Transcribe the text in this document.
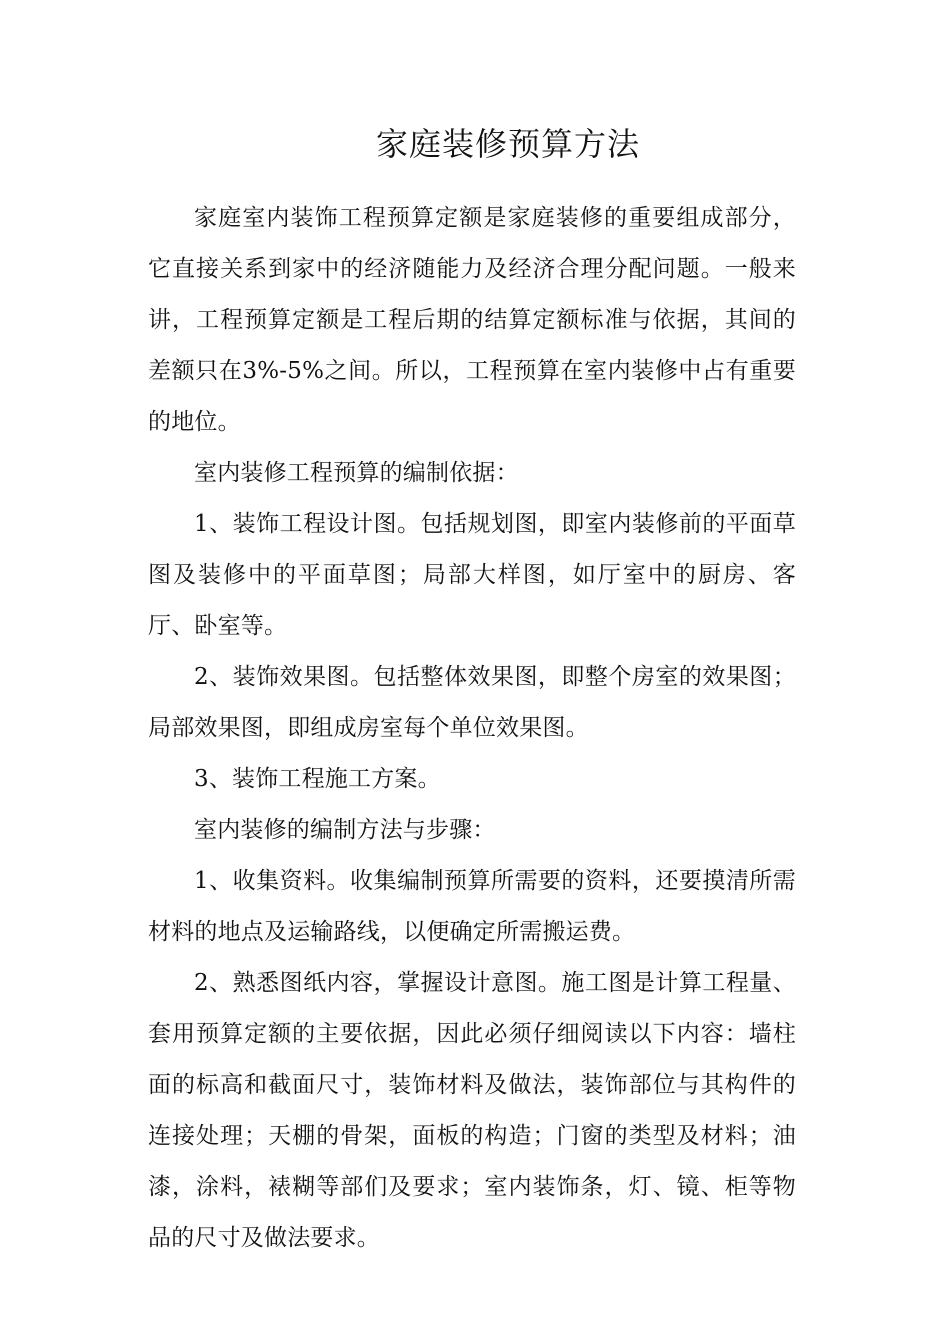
家庭装修预算方法

家庭室内装饰工程预算定额是家庭装修的重要组成部分，它直接关系到家中的经济随能力及经济合理分配问题。一般来讲，工程预算定额是工程后期的结算定额标准与依据，其间的差额只在3%-5%之间。所以，工程预算在室内装修中占有重要的地位。

室内装修工程预算的编制依据：

1、装饰工程设计图。包括规划图，即室内装修前的平面草图及装修中的平面草图；局部大样图，如厅室中的厨房、客厅、卧室等。

2、装饰效果图。包括整体效果图，即整个房室的效果图；局部效果图，即组成房室每个单位效果图。

3、装饰工程施工方案。

室内装修的编制方法与步骤：

1、收集资料。收集编制预算所需要的资料，还要摸清所需材料的地点及运输路线，以便确定所需搬运费。

2、熟悉图纸内容，掌握设计意图。施工图是计算工程量、套用预算定额的主要依据，因此必须仔细阅读以下内容：墙柱面的标高和截面尺寸，装饰材料及做法，装饰部位与其构件的连接处理；天棚的骨架，面板的构造；门窗的类型及材料；油漆，涂料，裱糊等部们及要求；室内装饰条，灯、镜、柜等物品的尺寸及做法要求。
